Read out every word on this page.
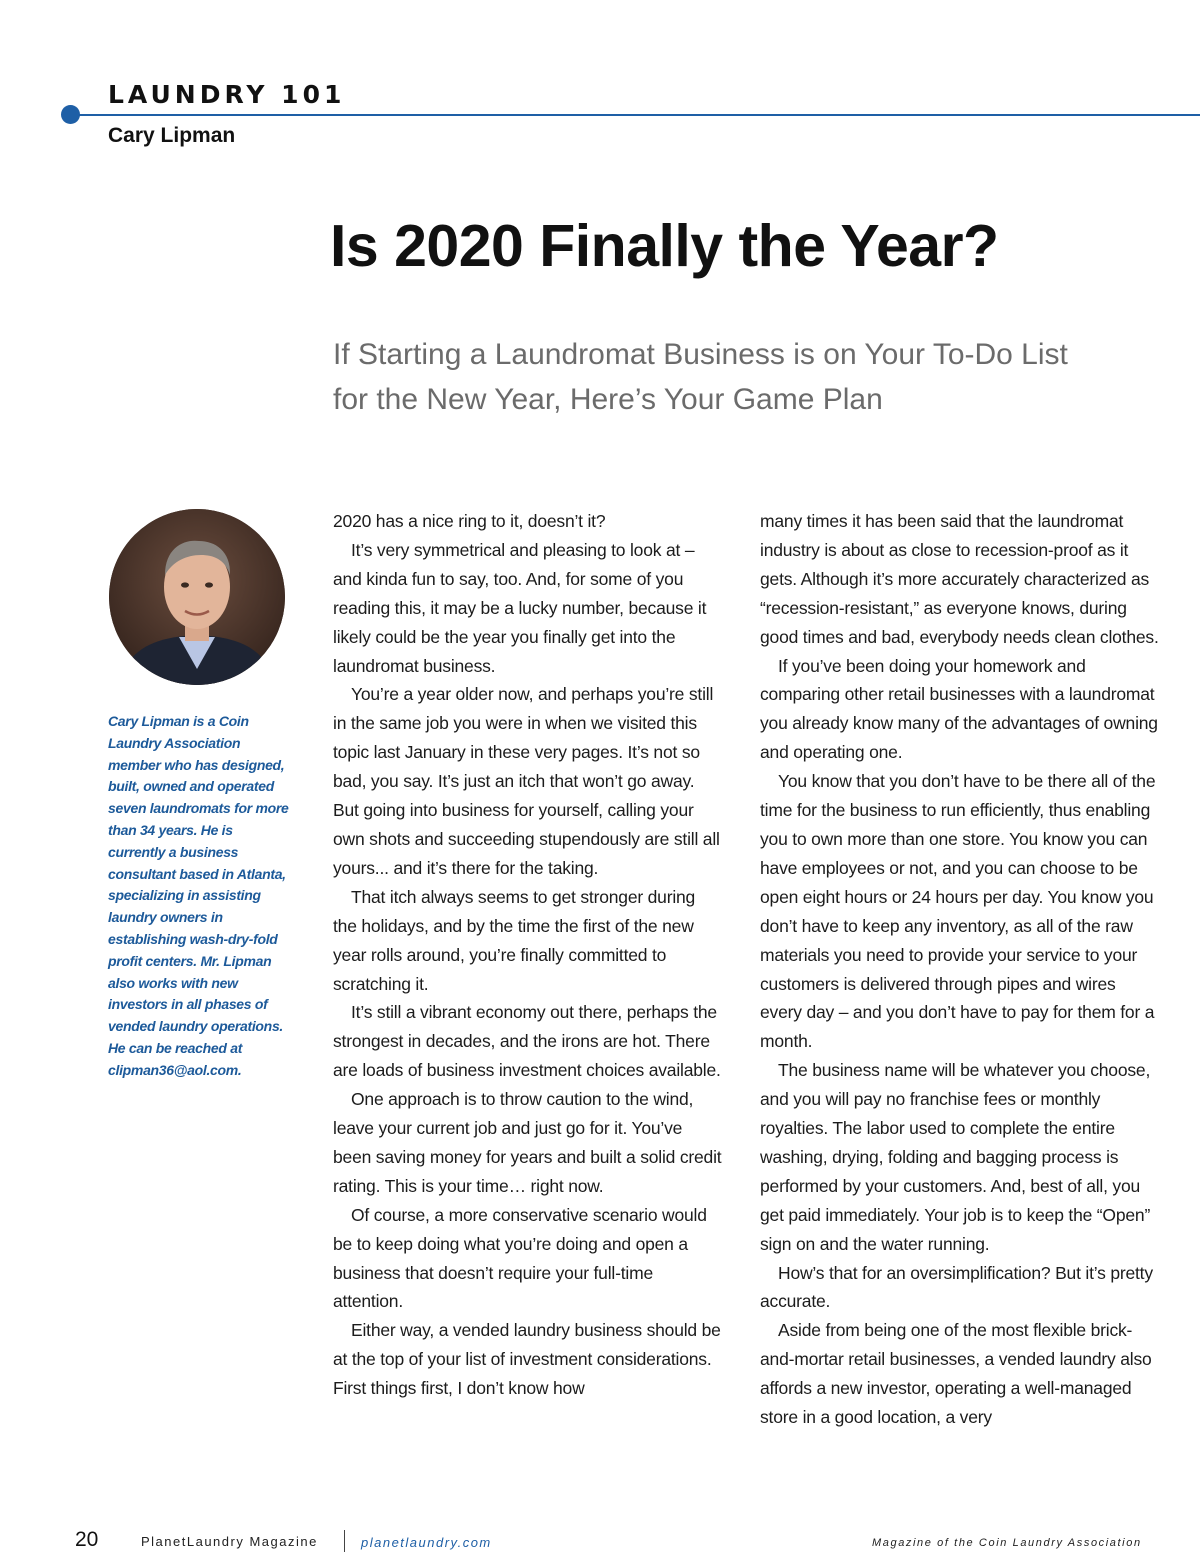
LAUNDRY 101
Cary Lipman
Is 2020 Finally the Year?
If Starting a Laundromat Business is on Your To-Do List for the New Year, Here’s Your Game Plan
Cary Lipman is a Coin Laundry Association member who has designed, built, owned and operated seven laundromats for more than 34 years. He is currently a business consultant based in Atlanta, specializing in assisting laundry owners in establishing wash-dry-fold profit centers. Mr. Lipman also works with new investors in all phases of vended laundry operations. He can be reached at clipman36@aol.com.

2020 has a nice ring to it, doesn’t it?

It’s very symmetrical and pleasing to look at – and kinda fun to say, too. And, for some of you reading this, it may be a lucky number, because it likely could be the year you finally get into the laundromat business.

You’re a year older now, and perhaps you’re still in the same job you were in when we visited this topic last January in these very pages. It’s not so bad, you say. It’s just an itch that won’t go away. But going into business for yourself, calling your own shots and succeeding stupendously are still all yours... and it’s there for the taking.

That itch always seems to get stronger during the holidays, and by the time the first of the new year rolls around, you’re finally committed to scratching it.

It’s still a vibrant economy out there, perhaps the strongest in decades, and the irons are hot. There are loads of business investment choices available.

One approach is to throw caution to the wind, leave your current job and just go for it. You’ve been saving money for years and built a solid credit rating. This is your time… right now.

Of course, a more conservative scenario would be to keep doing what you’re doing and open a business that doesn’t require your full-time attention.

Either way, a vended laundry business should be at the top of your list of investment considerations. First things first, I don’t know how

many times it has been said that the laundromat industry is about as close to recession-proof as it gets. Although it’s more accurately characterized as “recession-resistant,” as everyone knows, during good times and bad, everybody needs clean clothes.

If you’ve been doing your homework and comparing other retail businesses with a laundromat you already know many of the advantages of owning and operating one.

You know that you don’t have to be there all of the time for the business to run efficiently, thus enabling you to own more than one store. You know you can have employees or not, and you can choose to be open eight hours or 24 hours per day. You know you don’t have to keep any inventory, as all of the raw materials you need to provide your service to your customers is delivered through pipes and wires every day – and you don’t have to pay for them for a month.

The business name will be whatever you choose, and you will pay no franchise fees or monthly royalties. The labor used to complete the entire washing, drying, folding and bagging process is performed by your customers. And, best of all, you get paid immediately. Your job is to keep the “Open” sign on and the water running.

How’s that for an oversimplification? But it’s pretty accurate.

Aside from being one of the most flexible brick-and-mortar retail businesses, a vended laundry also affords a new investor, operating a well-managed store in a good location, a very

20	PlanetLaundry Magazine	planetlaundry.com	Magazine of the Coin Laundry Association
